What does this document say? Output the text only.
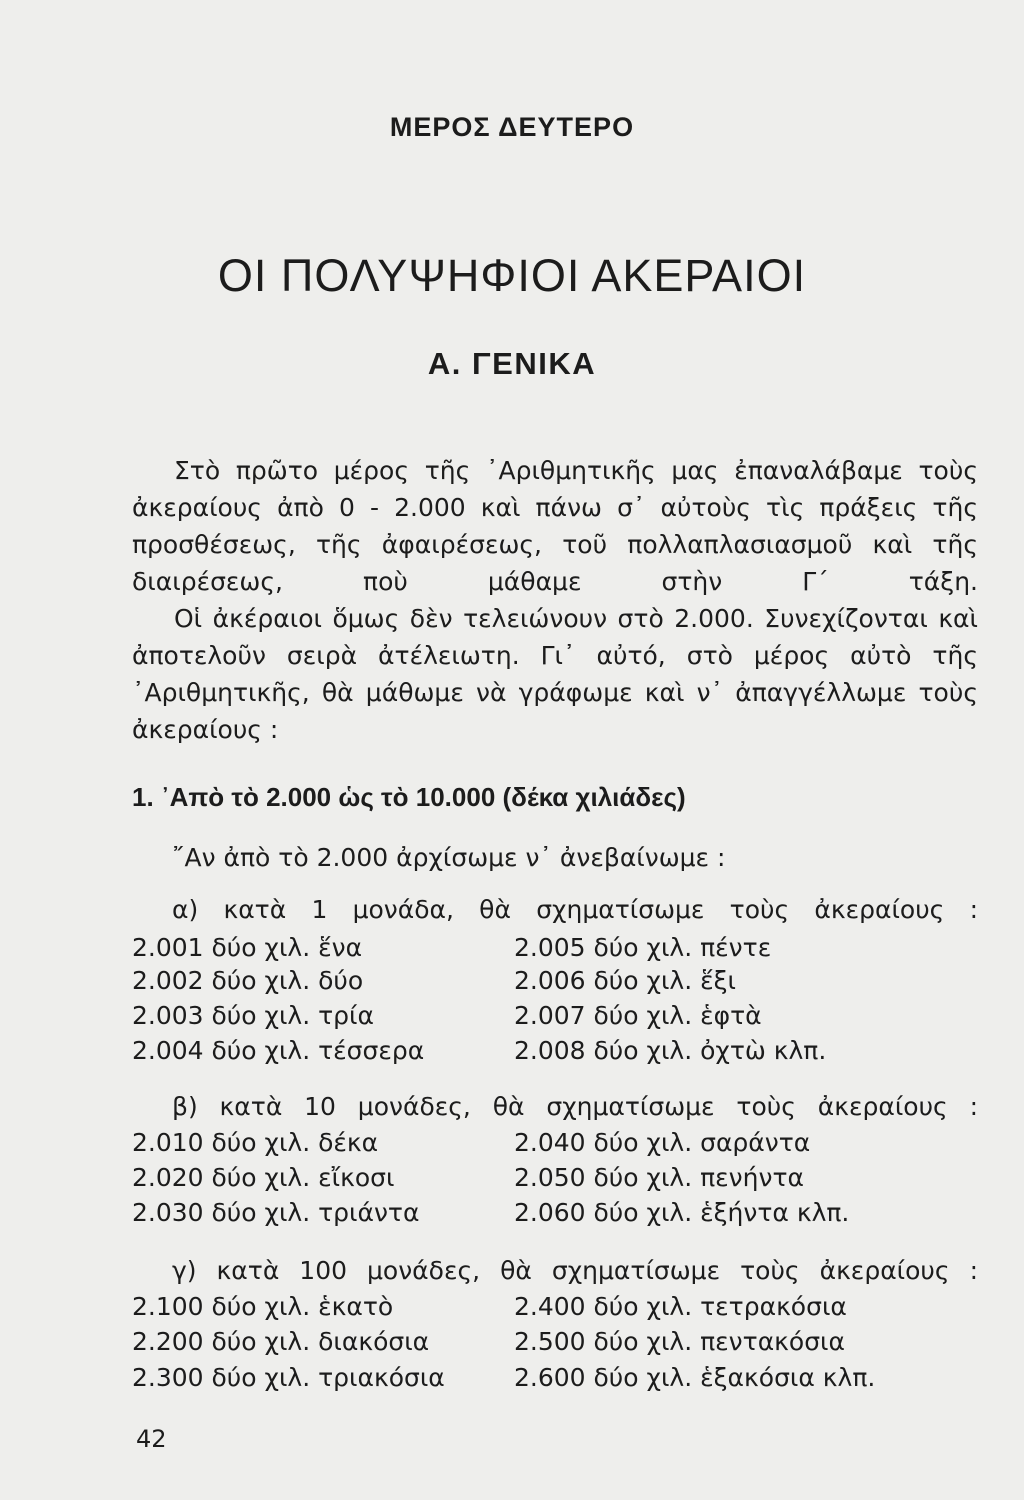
ΜΕΡΟΣ ΔΕΥΤΕΡΟ
ΟΙ ΠΟΛΥΨΗΦΙΟΙ ΑΚΕΡΑΙΟΙ
Α. ΓΕΝΙΚΑ

Στὸ πρῶτο μέρος τῆς ᾿Αριθμητικῆς μας ἐπαναλάβαμε τοὺς ἀκεραίους ἀπὸ 0 - 2.000 καὶ πάνω σ᾿ αὐτοὺς τὶς πράξεις τῆς προσθέσεως, τῆς ἀφαιρέσεως, τοῦ πολλαπλασιασμοῦ καὶ τῆς διαιρέσεως, ποὺ μάθαμε στὴν Γ΄ τάξη.

Οἱ ἀκέραιοι ὅμως δὲν τελειώνουν στὸ 2.000. Συνεχίζονται καὶ ἀποτελοῦν σειρὰ ἀτέλειωτη. Γι᾿ αὐτό, στὸ μέρος αὐτὸ τῆς ᾿Αριθμητικῆς, θὰ μάθωμε νὰ γράφωμε καὶ ν᾿ ἀπαγγέλλωμε τοὺς ἀκεραίους :

1. ᾿Απὸ τὸ 2.000 ὡς τὸ 10.000 (δέκα χιλιάδες)
῎Αν ἀπὸ τὸ 2.000 ἀρχίσωμε ν᾿ ἀνεβαίνωμε :
α) κατὰ 1 μονάδα, θὰ σχηματίσωμε τοὺς ἀκεραίους :
2.001 δύο χιλ. ἕνα
2.002 δύο χιλ. δύο
2.003 δύο χιλ. τρία
2.004 δύο χιλ. τέσσερα
2.005 δύο χιλ. πέντε
2.006 δύο χιλ. ἕξι
2.007 δύο χιλ. ἑφτὰ
2.008 δύο χιλ. ὀχτὼ κλπ.
β) κατὰ 10 μονάδες, θὰ σχηματίσωμε τοὺς ἀκεραίους :
2.010 δύο χιλ. δέκα
2.020 δύο χιλ. εἴκοσι
2.030 δύο χιλ. τριάντα
2.040 δύο χιλ. σαράντα
2.050 δύο χιλ. πενήντα
2.060 δύο χιλ. ἑξήντα κλπ.
γ) κατὰ 100 μονάδες, θὰ σχηματίσωμε τοὺς ἀκεραίους :
2.100 δύο χιλ. ἑκατὸ
2.200 δύο χιλ. διακόσια
2.300 δύο χιλ. τριακόσια
2.400 δύο χιλ. τετρακόσια
2.500 δύο χιλ. πεντακόσια
2.600 δύο χιλ. ἑξακόσια κλπ.
42
